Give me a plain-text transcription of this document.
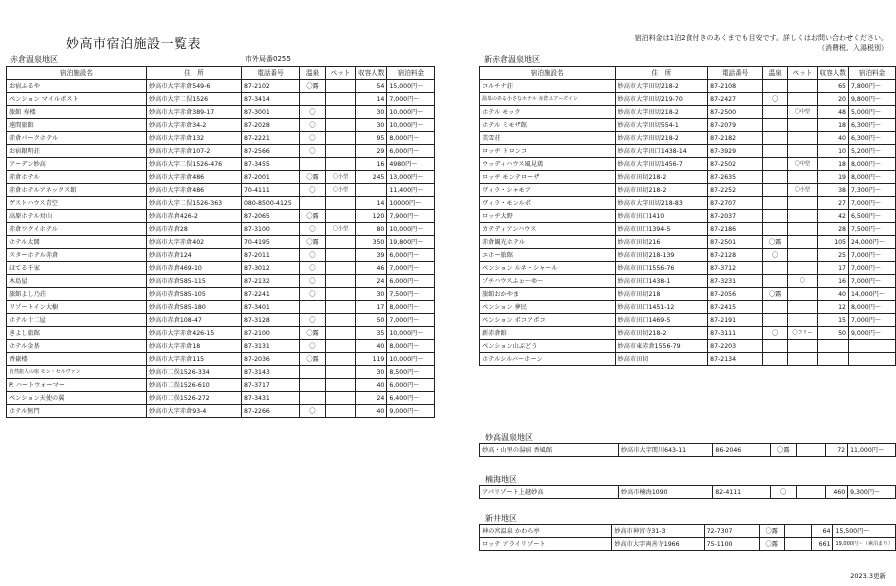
妙高市宿泊施設一覧表	宿泊料金は1泊2食付きのあくまでも目安です。詳しくはお問い合わせください。
（消費税、入湯税別）
赤倉温泉地区	市外局番0255
宿泊施設名	住　所	電話番号	温泉	ペット	収容人数	宿泊料金
お宿ふるや	妙高市大字赤倉549-6	87-2102	〇露		54	15,000円～
ペンション マイルポスト	妙高市大字二俣1526	87-3414			14	7,000円～
旅館 寿楼	妙高市大字赤倉389-17	87-3001	〇		30	10,000円～
遠間旅館	妙高市大字赤倉34-2	87-2028	〇		30	10,000円～
赤倉パークホテル	妙高市大字赤倉132	87-2221	〇		95	8,000円～
お宿銀明荘	妙高市大字赤倉107-2	87-2566	〇		29	6,000円～
アーデン妙高	妙高市大字二俣1526-476	87-3455			16	4980円～
赤倉ホテル	妙高市大字赤倉486	87-2001	〇露	〇小型	245	13,000円～
赤倉ホテルアネックス館	妙高市大字赤倉486	70-4111	〇	〇小型		11,400円～
ゲストハウス青空	妙高市大字二俣1526-363	080-8500-4125			14	10000円～
高原ホテル対山	妙高市赤倉426-2	87-2065	〇露		120	7,900円～
赤倉ワクイホテル	妙高市赤倉28	87-3100	〇	〇小型	80	10,000円～
ホテル太閤	妙高市大字赤倉402	70-4195	〇露		350	19,800円～
スターホテル赤倉	妙高市赤倉124	87-2011	〇		39	6,000円～
ほてる千家	妙高市赤倉469-10	87-3012	〇		46	7,000円～
木島屋	妙高市赤倉585-115	87-2132	〇		24	6,000円～
旅館よし乃荘	妙高市赤倉585-105	87-2241	〇		30	7,500円～
リゾートイン大樹	妙高市赤倉585-180	87-3401			17	8,000円～
ホテル十二屋	妙高市赤倉108-47	87-3128	〇		50	7,000円～
きよし旅館	妙高市大字赤倉426-15	87-2100	〇露		35	10,000円～
ホテル金基	妙高市大字赤倉18	87-3131	〇		40	8,000円～
香嶽楼	妙高市大字赤倉115	87-2036	〇露		119	10,000円～
自然旅人の宿 モン・セルヴァン	妙高市二俣1526-334	87-3143			30	8,500円～
P. ハートウォーマー	妙高市二俣1526-610	87-3717			40	6,000円～
ペンション天使の翼	妙高市二俣1526-272	87-3431			24	6,400円～
ホテル無門	妙高市大字赤倉93-4	87-2266	〇		40	9,000円～
新赤倉温泉地区
宿泊施設名	住　所	電話番号	温泉	ペット	収容人数	宿泊料金
コルチナ荘	妙高市大字田切218-2	87-2108			65	7,800円～
温泉のある小さなホテル 赤倉ユアーズイン	妙高市大字田切219-70	87-2427	〇		20	9,800円～
ホテル モック	妙高市大字田切218-2	87-2500		〇中型	48	5,000円～
ホテル ミモザ館	妙高市大字田切554-1	87-2079			18	6,300円～
美雪荘	妙高市大字田切218-2	87-2182			40	6,300円～
ロッヂ トロンコ	妙高市大字田口1438-14	87-3929			10	5,200円～
ウッディハウス風見鶏	妙高市大字田切1456-7	87-2502		〇中型	18	8,000円～
ロッヂ モンテローザ	妙高市田切218-2	87-2635			19	8,000円～
ヴィラ・シャモア	妙高市田切218-2	87-2252		〇小型	38	7,300円～
ヴィラ・モンルポ	妙高市大字田切218-83	87-2707			27	7,000円～
ロッヂ大野	妙高市田口1410	87-2037			42	6,500円～
カテディアンハウス	妙高市田口1394-5	87-2186			28	7,500円～
赤倉観光ホテル	妙高市田切216	87-2501	〇露		105	24,000円～
エホー旅館	妙高市田切218-139	87-2128	〇		25	7,000円～
ペンション ルネ・シャール	妙高市田口1556-76	87-3712			17	7,000円～
プチハウスふぉ～ゆ～	妙高市田口1438-1	87-3231		〇	16	7,000円～
旅館おかやま	妙高市田切218	87-2056	〇露		40	14,000円～
ペンション 夢民	妙高市田口1451-12	87-2415			12	8,000円～
ペンション ポコアポコ	妙高市田口1469-5	87-2191			15	7,000円～
新赤倉館	妙高市田切218-2	87-3111	〇	〇フリー	50	9,000円～
ペンション山ぶどう	妙高市東赤倉1556-79	87-2203				
ホテルシルバーホーン	妙高市田切	87-2134				
妙高温泉地区
妙高・山里の湯宿 香風館	妙高市大字関川643-11	86-2046	〇露		72	11,000円～
楠海地区
アパリゾート上越妙高	妙高市楠海1090	82-4111	〇		460	9,300円～
新井地区
神の宮温泉 かわら亭	妙高市神宮寺31-3	72-7307	〇露		64	15,500円～
ロッテ アライリゾート	妙高市大字両善寺1966	75-1100	〇露		661	19,000円～（素泊まり）
2023.3更新
